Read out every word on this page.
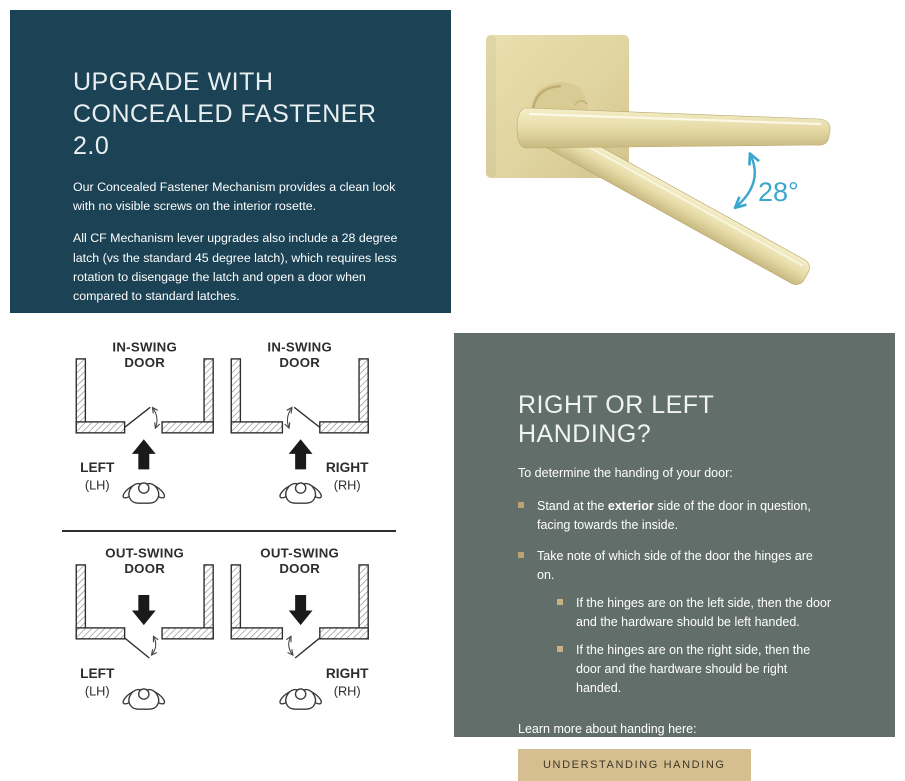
UPGRADE WITH CONCEALED FASTENER 2.0

Our Concealed Fastener Mechanism provides a clean look with no visible screws on the interior rosette.

All CF Mechanism lever upgrades also include a 28 degree latch (vs the standard 45 degree latch), which requires less rotation to disengage the latch and open a door when compared to standard latches.

28°
IN-SWING
DOOR
LEFT
(LH)
IN-SWING
DOOR
RIGHT
(RH)
OUT-SWING
DOOR
LEFT
(LH)
OUT-SWING
DOOR
RIGHT
(RH)
RIGHT OR LEFT HANDING?

To determine the handing of your door:

Stand at the exterior side of the door in question, facing towards the inside.
Take note of which side of the door the hinges are on.
If the hinges are on the left side, then the door and the hardware should be left handed.
If the hinges are on the right side, then the door and the hardware should be right handed.

Learn more about handing here:

UNDERSTANDING HANDING
